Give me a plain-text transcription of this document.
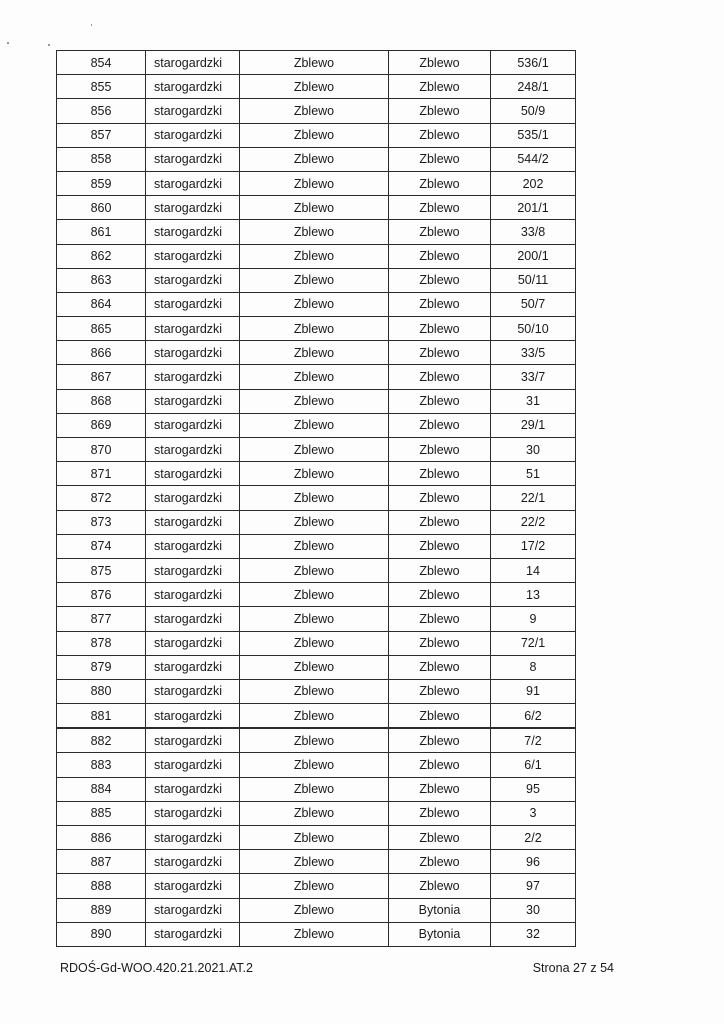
854	starogardzki	Zblewo	Zblewo	536/1
855	starogardzki	Zblewo	Zblewo	248/1
856	starogardzki	Zblewo	Zblewo	50/9
857	starogardzki	Zblewo	Zblewo	535/1
858	starogardzki	Zblewo	Zblewo	544/2
859	starogardzki	Zblewo	Zblewo	202
860	starogardzki	Zblewo	Zblewo	201/1
861	starogardzki	Zblewo	Zblewo	33/8
862	starogardzki	Zblewo	Zblewo	200/1
863	starogardzki	Zblewo	Zblewo	50/11
864	starogardzki	Zblewo	Zblewo	50/7
865	starogardzki	Zblewo	Zblewo	50/10
866	starogardzki	Zblewo	Zblewo	33/5
867	starogardzki	Zblewo	Zblewo	33/7
868	starogardzki	Zblewo	Zblewo	31
869	starogardzki	Zblewo	Zblewo	29/1
870	starogardzki	Zblewo	Zblewo	30
871	starogardzki	Zblewo	Zblewo	51
872	starogardzki	Zblewo	Zblewo	22/1
873	starogardzki	Zblewo	Zblewo	22/2
874	starogardzki	Zblewo	Zblewo	17/2
875	starogardzki	Zblewo	Zblewo	14
876	starogardzki	Zblewo	Zblewo	13
877	starogardzki	Zblewo	Zblewo	9
878	starogardzki	Zblewo	Zblewo	72/1
879	starogardzki	Zblewo	Zblewo	8
880	starogardzki	Zblewo	Zblewo	91
881	starogardzki	Zblewo	Zblewo	6/2
882	starogardzki	Zblewo	Zblewo	7/2
883	starogardzki	Zblewo	Zblewo	6/1
884	starogardzki	Zblewo	Zblewo	95
885	starogardzki	Zblewo	Zblewo	3
886	starogardzki	Zblewo	Zblewo	2/2
887	starogardzki	Zblewo	Zblewo	96
888	starogardzki	Zblewo	Zblewo	97
889	starogardzki	Zblewo	Bytonia	30
890	starogardzki	Zblewo	Bytonia	32
RDOŚ-Gd-WOO.420.21.2021.AT.2	Strona 27 z 54
